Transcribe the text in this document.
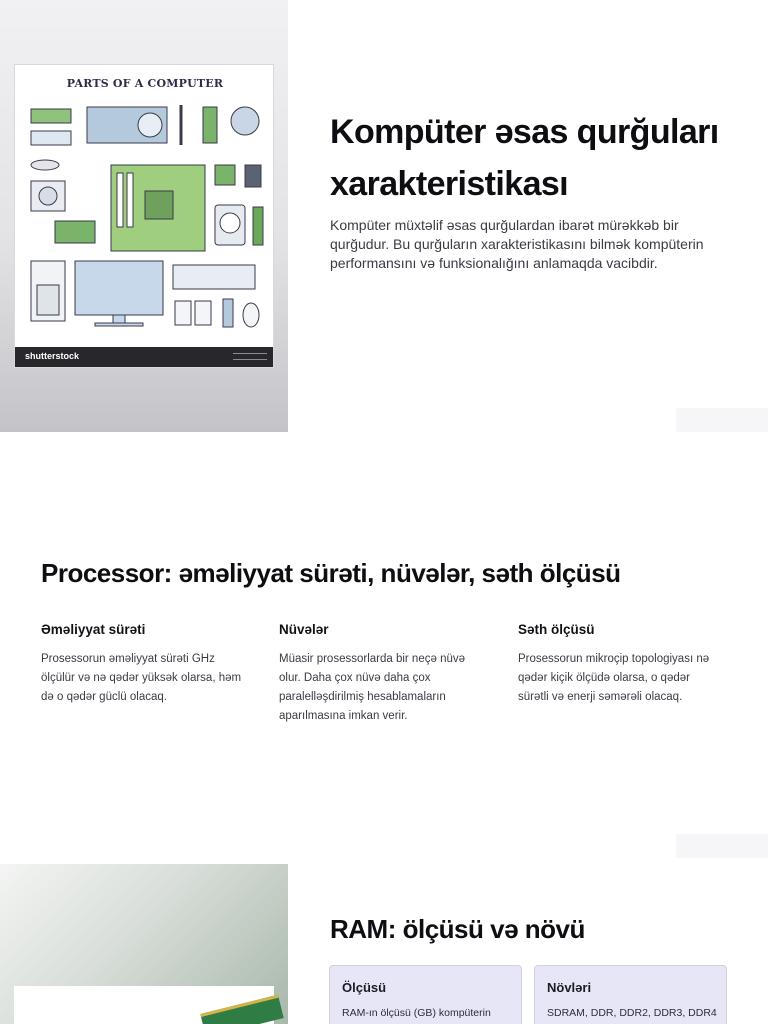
PARTS OF A COMPUTER
shutterstock
Kompüter əsas qurğuları xarakteristikası

Kompüter müxtəlif əsas qurğulardan ibarət mürəkkəb bir qurğudur. Bu qurğuların xarakteristikasını bilmək kompüterin performansını və funksionalığını anlamaqda vacibdir.

Processor: əməliyyat sürəti, nüvələr, səth ölçüsü
Əməliyyat sürəti

Prosessorun əməliyyat sürəti GHz ölçülür və nə qədər yüksək olarsa, həm də o qədər güclü olacaq.

Nüvələr

Müasir prosessorlarda bir neçə nüvə olur. Daha çox nüvə daha çox paralelləşdirilmiş hesablamaların aparılmasına imkan verir.

Səth ölçüsü

Prosessorun mikroçip topologiyası nə qədər kiçik ölçüdə olarsa, o qədər sürətli və enerji səmərəli olacaq.

RAM: ölçüsü və növü
Ölçüsü

RAM-ın ölçüsü (GB) kompüterin

Növləri

SDRAM, DDR, DDR2, DDR3, DDR4
